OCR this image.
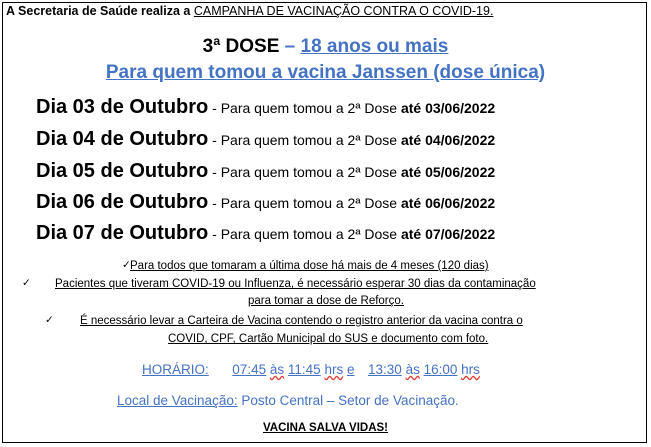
A Secretaria de Saúde realiza a CAMPANHA DE VACINAÇÃO CONTRA O COVID-19.
3ª DOSE – 18 anos ou mais
Para quem tomou a vacina Janssen (dose única)
Dia 03 de Outubro - Para quem tomou a 2ª Dose até 03/06/2022
Dia 04 de Outubro - Para quem tomou a 2ª Dose até 04/06/2022
Dia 05 de Outubro - Para quem tomou a 2ª Dose até 05/06/2022
Dia 06 de Outubro - Para quem tomou a 2ª Dose até 06/06/2022
Dia 07 de Outubro - Para quem tomou a 2ª Dose até 07/06/2022
✓ Para todos que tomaram a última dose há mais de 4 meses (120 dias)
✓ Pacientes que tiveram COVID-19 ou Influenza, é necessário esperar 30 dias da contaminação
para tomar a dose de Reforço.
✓ É necessário levar a Carteira de Vacina contendo o registro anterior da vacina contra o
COVID, CPF, Cartão Municipal do SUS e documento com foto.
HORÁRIO: 07:45 às 11:45 hrs e 13:30 às 16:00 hrs
Local de Vacinação: Posto Central – Setor de Vacinação.
VACINA SALVA VIDAS!
